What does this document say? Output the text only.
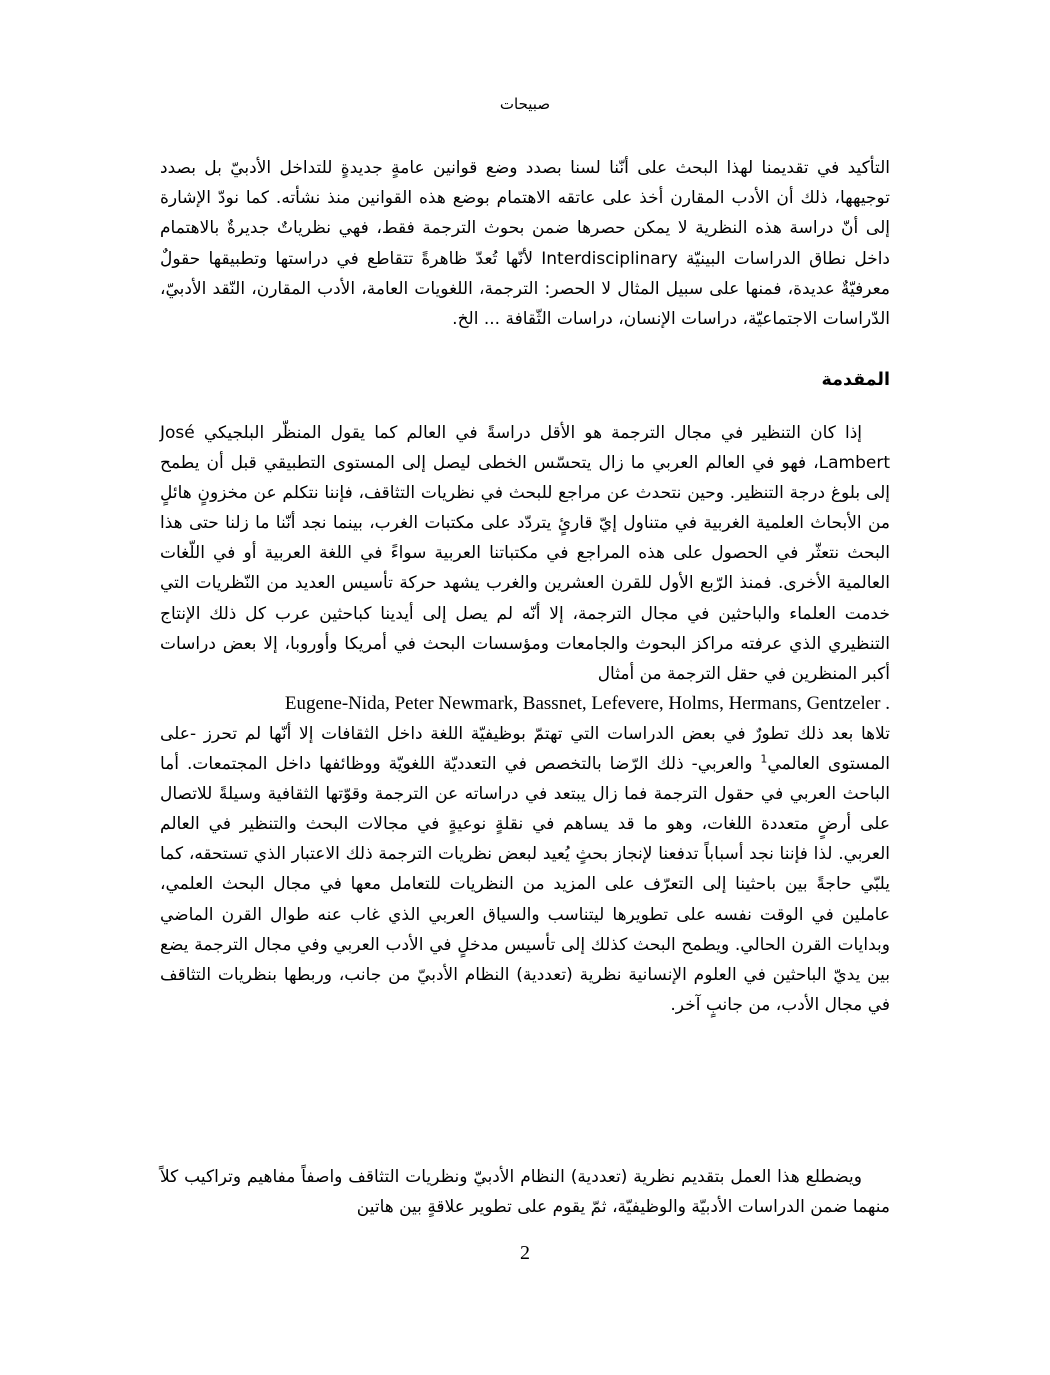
صبيحات

التأكيد في تقديمنا لهذا البحث على أنّنا لسنا بصدد وضع قوانين عامةٍ جديدةٍ للتداخل الأدبيّ بل بصدد توجيهها، ذلك أن الأدب المقارن أخذ على عاتقه الاهتمام بوضع هذه القوانين منذ نشأته. كما نودّ الإشارة إلى أنّ دراسة هذه النظرية لا يمكن حصرها ضمن بحوث الترجمة فقط، فهي نظرياتٌ جديرةٌ بالاهتمام داخل نطاق الدراسات البينيّة Interdisciplinary لأنّها تُعدّ ظاهرةً تتقاطع في دراستها وتطبيقها حقولٌ معرفيّةٌ عديدة، فمنها على سبيل المثال لا الحصر: الترجمة، اللغويات العامة، الأدب المقارن، النّقد الأدبيّ، الدّراسات الاجتماعيّة، دراسات الإنسان، دراسات الثّقافة ... الخ.

المقدمة

إذا كان التنظير في مجال الترجمة هو الأقل دراسةً في العالم كما يقول المنظّر البلجيكي José Lambert، فهو في العالم العربي ما زال يتحسّس الخطى ليصل إلى المستوى التطبيقي قبل أن يطمح إلى بلوغ درجة التنظير. وحين نتحدث عن مراجع للبحث في نظريات التثاقف، فإننا نتكلم عن مخزونٍ هائلٍ من الأبحاث العلمية الغربية في متناول إيّ قارئٍ يتردّد على مكتبات الغرب، بينما نجد أنّنا ما زلنا حتى هذا البحث نتعثّر في الحصول على هذه المراجع في مكتباتنا العربية سواءً في اللغة العربية أو في اللّغات العالمية الأخرى. فمنذ الرّبع الأول للقرن العشرين والغرب يشهد حركة تأسيس العديد من النّظريات التي خدمت العلماء والباحثين في مجال الترجمة، إلا أنّه لم يصل إلى أيدينا كباحثين عرب كل ذلك الإنتاج التنظيري الذي عرفته مراكز البحوث والجامعات ومؤسسات البحث في أمريكا وأوروبا، إلا بعض دراسات أكبر المنظرين في حقل الترجمة من أمثال
Eugene-Nida, Peter Newmark, Bassnet, Lefevere, Holms, Hermans, Gentzeler .
تلاها بعد ذلك تطورٌ في بعض الدراسات التي تهتمّ بوظيفيّة اللغة داخل الثقافات إلا أنّها لم تحرز -على المستوى العالمي$^1$ والعربي- ذلك الرّضا بالتخصص في التعدديّة اللغويّة ووظائفها داخل المجتمعات. أما الباحث العربي في حقول الترجمة فما زال يبتعد في دراساته عن الترجمة وقوّتها الثقافية وسيلةً للاتصال على أرضٍ متعددة اللغات، وهو ما قد يساهم في نقلةٍ نوعيةٍ في مجالات البحث والتنظير في العالم العربي. لذا فإننا نجد أسباباً تدفعنا لإنجاز بحثٍ يُعيد لبعض نظريات الترجمة ذلك الاعتبار الذي تستحقه، كما يلبّي حاجةً بين باحثينا إلى التعرّف على المزيد من النظريات للتعامل معها في مجال البحث العلمي، عاملين في الوقت نفسه على تطويرها ليتناسب والسياق العربي الذي غاب عنه طوال القرن الماضي وبدايات القرن الحالي. ويطمح البحث كذلك إلى تأسيس مدخلٍ في الأدب العربي وفي مجال الترجمة يضع بين يديّ الباحثين في العلوم الإنسانية نظرية (تعددية) النظام الأدبيّ من جانب، وربطها بنظريات التثاقف في مجال الأدب، من جانبٍ آخر.

ويضطلع هذا العمل بتقديم نظرية (تعددية) النظام الأدبيّ ونظريات التثاقف واصفاً مفاهيم وتراكيب كلاً منهما ضمن الدراسات الأدبيّة والوظيفيّة، ثمّ يقوم على تطوير علاقةٍ بين هاتين

2
